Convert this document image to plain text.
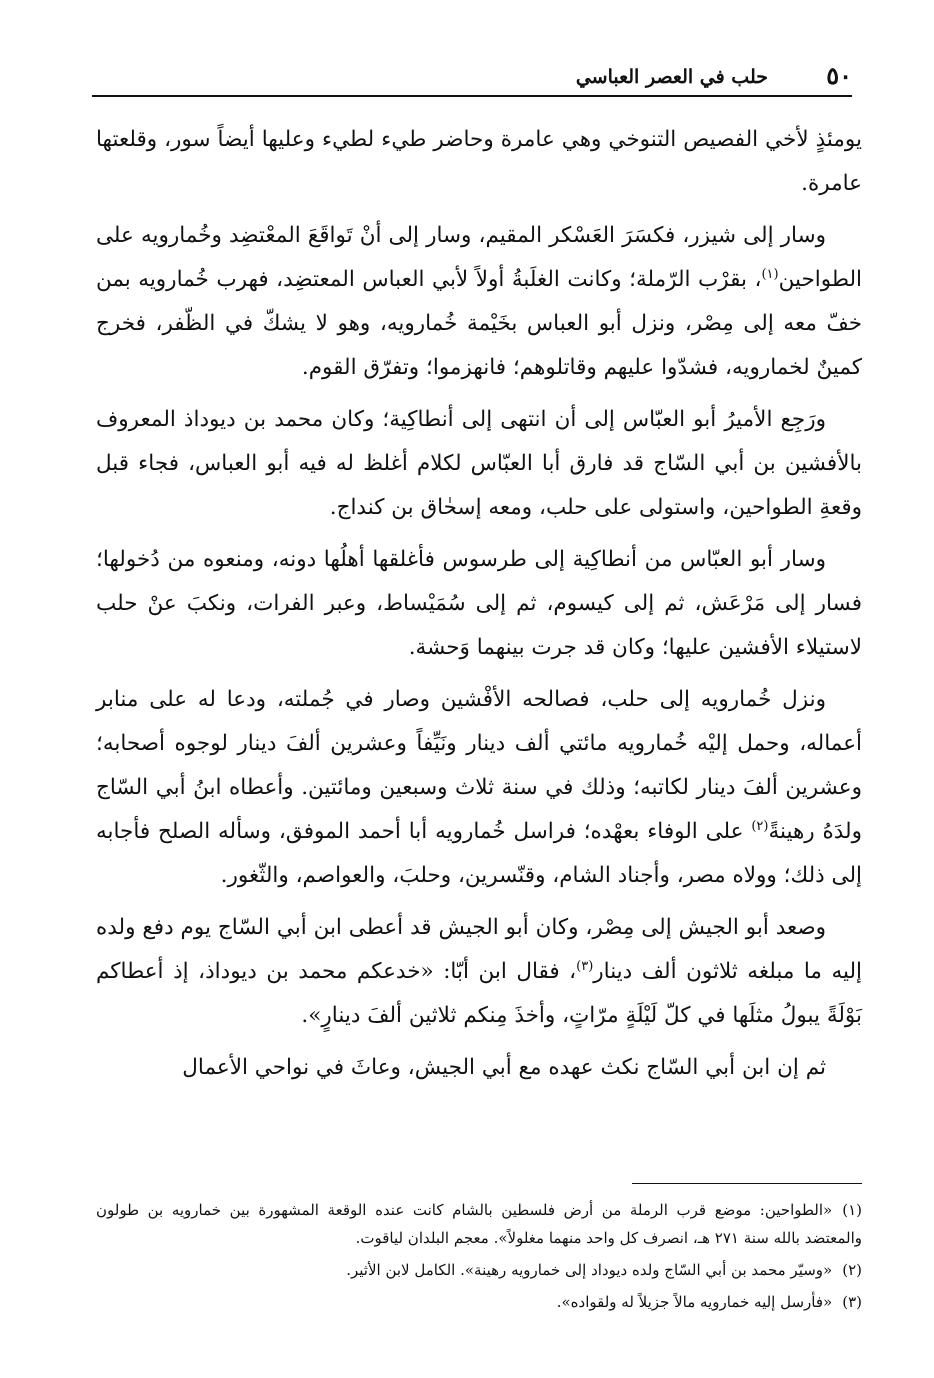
٥٠
حلب في العصر العباسي

يومئذٍ لأخي الفصيص التنوخي وهي عامرة وحاضر طيء لطيء وعليها أيضاً سور، وقلعتها عامرة.

وسار إلى شيزر، فكسَرَ العَسْكر المقيم، وسار إلى أنْ تَواقَعَ المعْتضِد وخُمارويه على الطواحين$^{(١)}$، بقرْب الرّملة؛ وكانت الغلَبةُ أولاً لأبي العباس المعتضِد، فهرب خُمارويه بمن خفّ معه إلى مِصْر، ونزل أبو العباس بخَيْمة خُمارويه، وهو لا يشكّ في الظّفر، فخرج كمينٌ لخمارويه، فشدّوا عليهم وقاتلوهم؛ فانهزموا؛ وتفرّق القوم.

ورَجِع الأميرُ أبو العبّاس إلى أن انتهى إلى أنطاكِية؛ وكان محمد بن ديوداذ المعروف بالأفشين بن أبي السّاج قد فارق أبا العبّاس لكلام أغلظ له فيه أبو العباس، فجاء قبل وقعةِ الطواحين، واستولى على حلب، ومعه إسحٰاق بن كنداج.

وسار أبو العبّاس من أنطاكِية إلى طرسوس فأغلقها أهلُها دونه، ومنعوه من دُخولها؛ فسار إلى مَرْعَش، ثم إلى كيسوم، ثم إلى سُمَيْساط، وعبر الفرات، ونكبَ عنْ حلب لاستيلاء الأفشين عليها؛ وكان قد جرت بينهما وَحشة.

ونزل خُمارويه إلى حلب، فصالحه الأفْشين وصار في جُملته، ودعا له على منابر أعماله، وحمل إليْه خُمارويه مائتي ألف دينار ونَيِّفاً وعشرين ألفَ دينار لوجوه أصحابه؛ وعشرين ألفَ دينار لكاتبه؛ وذلك في سنة ثلاث وسبعين ومائتين. وأعطاه ابنُ أبي السّاج ولدَهُ رهينةً$^{(٢)}$ على الوفاء بعهْده؛ فراسل خُمارويه أبا أحمد الموفق، وسأله الصلح فأجابه إلى ذلك؛ وولاه مصر، وأجناد الشام، وقنّسرين، وحلبَ، والعواصم، والثّغور.

وصعد أبو الجيش إلى مِصْر، وكان أبو الجيش قد أعطى ابن أبي السّاج يوم دفع ولده إليه ما مبلغه ثلاثون ألف دينار$^{(٣)}$، فقال ابن أبّا: «خدعكم محمد بن ديوداذ، إذ أعطاكم بَوْلَةً يبولُ مثلَها في كلّ لَيْلَةٍ مرّاتٍ، وأخذَ مِنكم ثلاثين ألفَ دينارٍ».

ثم إن ابن أبي السّاج نكث عهده مع أبي الجيش، وعاثَ في نواحي الأعمال

(١)«الطواحين: موضع قرب الرملة من أرض فلسطين بالشام كانت عنده الوقعة المشهورة بين خمارويه بن طولون والمعتضد بالله سنة ٢٧١ هـ، انصرف كل واحد منهما مغلولاً». معجم البلدان لياقوت.

(٢)«وسيّر محمد بن أبي السّاج ولده ديوداد إلى خمارويه رهينة». الكامل لابن الأثير.

(٣)«فأرسل إليه خمارويه مالاً جزيلاً له ولقواده».
